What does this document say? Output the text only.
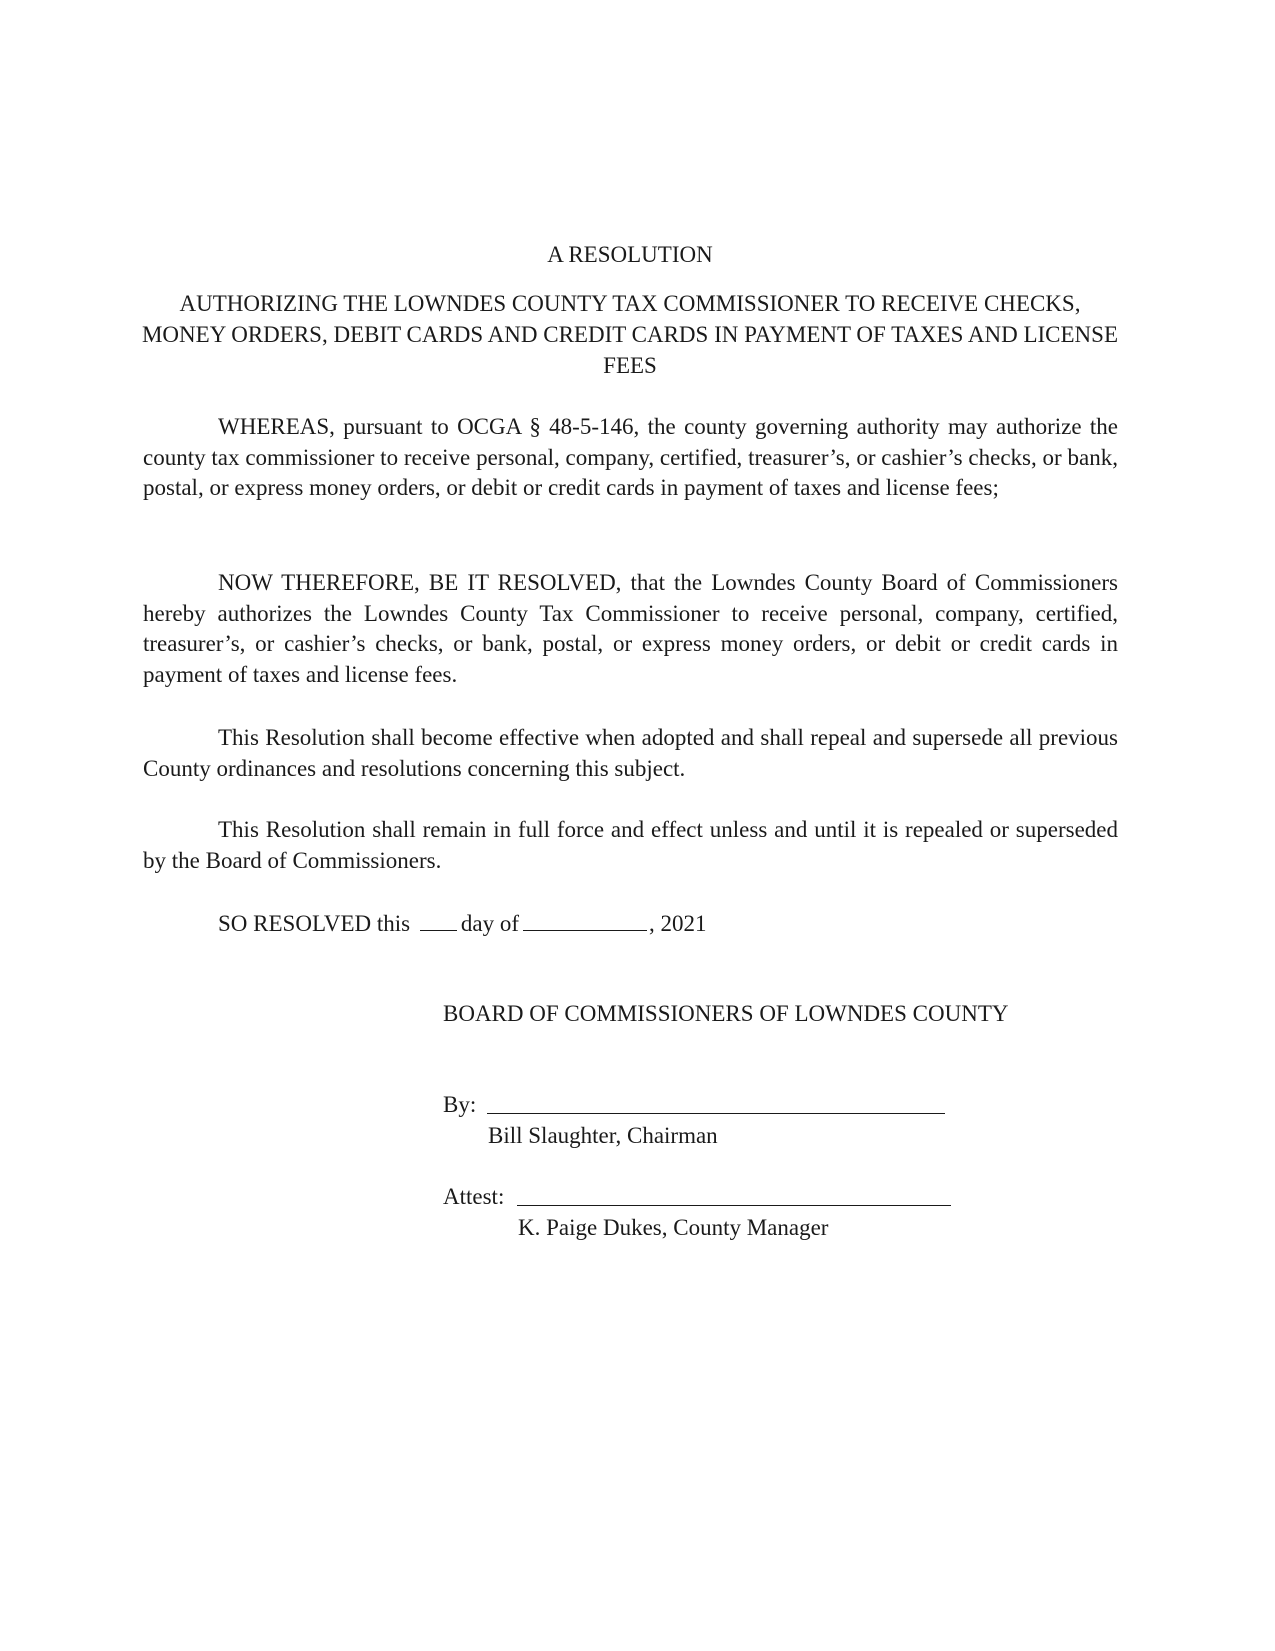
A RESOLUTION
AUTHORIZING THE LOWNDES COUNTY TAX COMMISSIONER TO RECEIVE CHECKS, MONEY ORDERS, DEBIT CARDS AND CREDIT CARDS IN PAYMENT OF TAXES AND LICENSE FEES

WHEREAS, pursuant to OCGA § 48-5-146, the county governing authority may authorize the county tax commissioner to receive personal, company, certified, treasurer’s, or cashier’s checks, or bank, postal, or express money orders, or debit or credit cards in payment of taxes and license fees;

NOW THEREFORE, BE IT RESOLVED, that the Lowndes County Board of Commissioners hereby authorizes the Lowndes County Tax Commissioner to receive personal, company, certified, treasurer’s, or cashier’s checks, or bank, postal, or express money orders, or debit or credit cards in payment of taxes and license fees.

This Resolution shall become effective when adopted and shall repeal and supersede all previous County ordinances and resolutions concerning this subject.

This Resolution shall remain in full force and effect unless and until it is repealed or superseded by the Board of Commissioners.

SO RESOLVED this day of	, 2021
BOARD OF COMMISSIONERS OF LOWNDES COUNTY
By:
Bill Slaughter, Chairman
Attest:
K. Paige Dukes, County Manager
